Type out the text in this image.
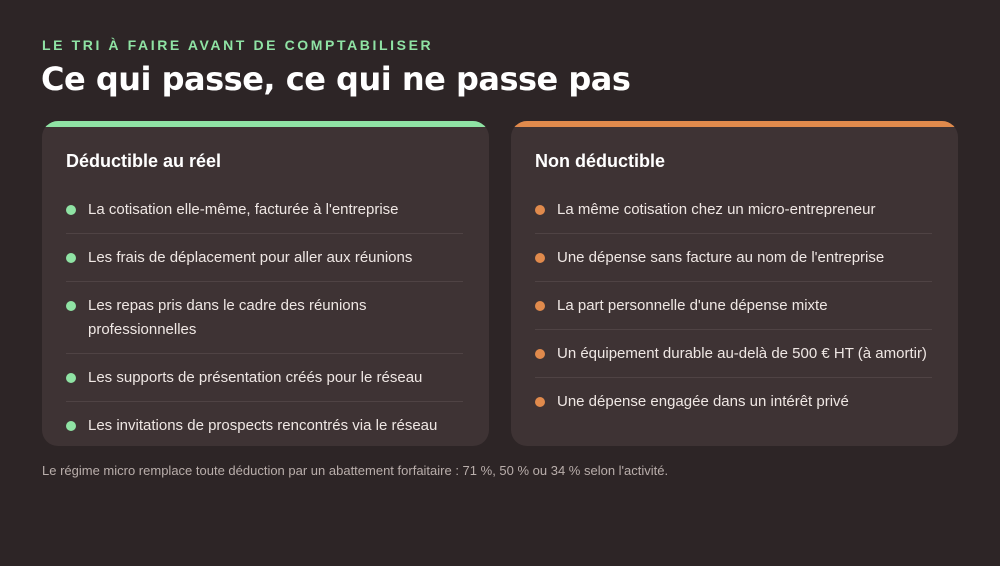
LE TRI À FAIRE AVANT DE COMPTABILISER
Ce qui passe, ce qui ne passe pas
Déductible au réel
La cotisation elle-même, facturée à l'entreprise
Les frais de déplacement pour aller aux réunions
Les repas pris dans le cadre des réunions professionnelles
Les supports de présentation créés pour le réseau
Les invitations de prospects rencontrés via le réseau
Non déductible
La même cotisation chez un micro-entrepreneur
Une dépense sans facture au nom de l'entreprise
La part personnelle d'une dépense mixte
Un équipement durable au-delà de 500 € HT (à amortir)
Une dépense engagée dans un intérêt privé

Le régime micro remplace toute déduction par un abattement forfaitaire : 71 %, 50 % ou 34 % selon l'activité.
